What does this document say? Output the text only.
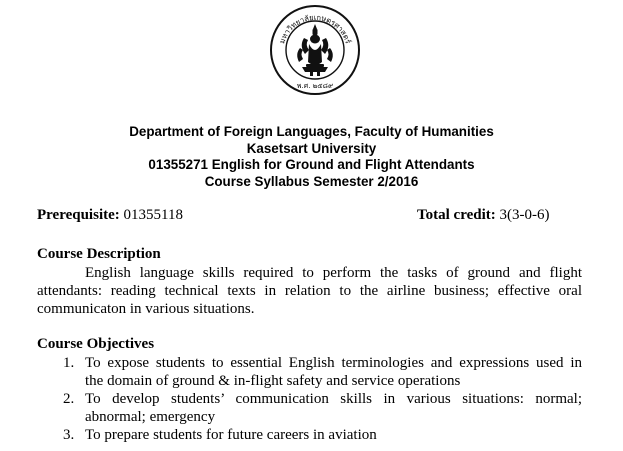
มหาวิทยาลัยเกษตรศาสตร์
พ.ศ. ๒๕๘๙
Department of Foreign Languages, Faculty of Humanities
Kasetsart University
01355271 English for Ground and Flight Attendants
Course Syllabus Semester 2/2016
Prerequisite: 01355118	Total credit: 3(3-0-6)
Course Description
English language skills required to perform the tasks of ground and flight
attendants: reading technical texts in relation to the airline business; effective oral
communicaton in various situations.
Course Objectives
1. To expose students to essential English terminologies and expressions used in
the domain of ground & in-flight safety and service operations
2. To develop students’ communication skills in various situations: normal;
abnormal; emergency
3. To prepare students for future careers in aviation
